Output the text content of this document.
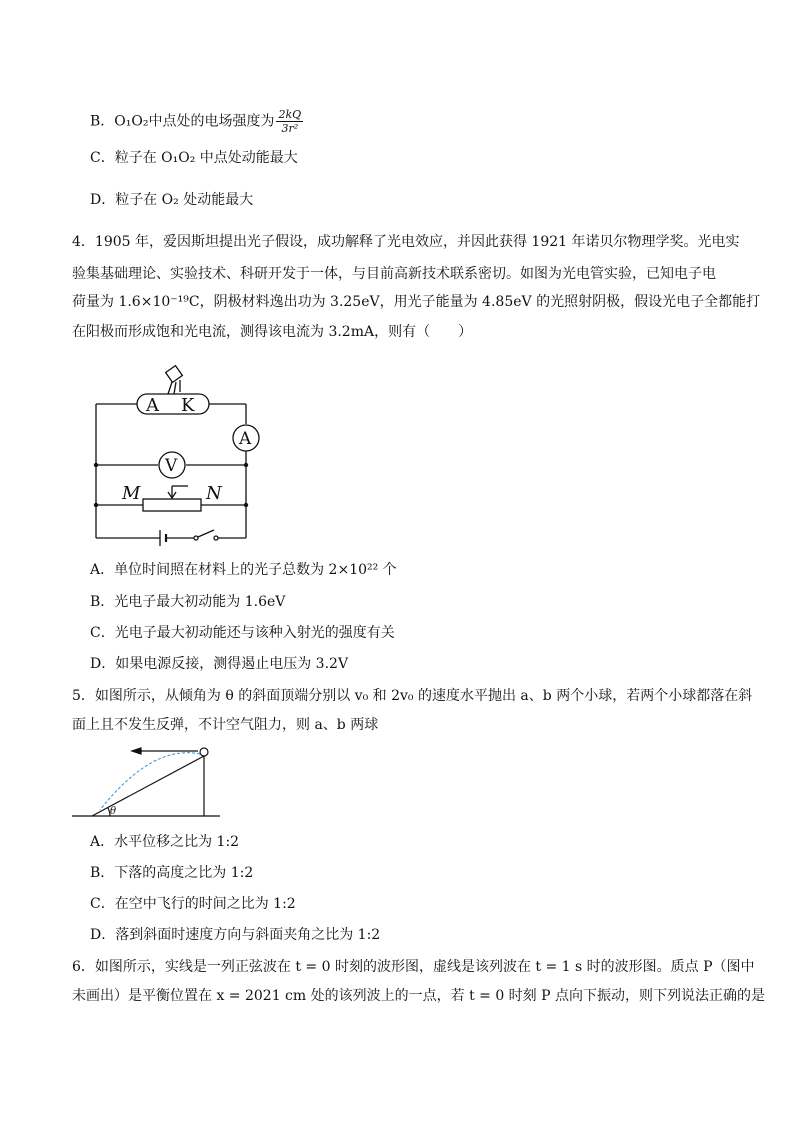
B．O₁O₂中点处的电场强度为 $\frac{2kQ}{\text{3r²}}$
C．粒子在 O₁O₂ 中点处动能最大
D．粒子在 O₂ 处动能最大
4．1905 年，爱因斯坦提出光子假设，成功解释了光电效应，并因此获得 1921 年诺贝尔物理学奖。光电实
验集基础理论、实验技术、科研开发于一体，与目前高新技术联系密切。如图为光电管实验，已知电子电
荷量为 1.6×10⁻¹⁹C，阴极材料逸出功为 3.25eV，用光子能量为 4.85eV 的光照射阴极，假设光电子全都能打
在阳极而形成饱和光电流，测得该电流为 3.2mA，则有（　　）
A K
A
V
M	N
A．单位时间照在材料上的光子总数为 2×10²² 个
B．光电子最大初动能为 1.6eV
C．光电子最大初动能还与该种入射光的强度有关
D．如果电源反接，测得遏止电压为 3.2V
5．如图所示，从倾角为 θ 的斜面顶端分别以 v₀ 和 2v₀ 的速度水平抛出 a、b 两个小球，若两个小球都落在斜
面上且不发生反弹，不计空气阻力，则 a、b 两球
θ
A．水平位移之比为 1:2
B．下落的高度之比为 1:2
C．在空中飞行的时间之比为 1:2
D．落到斜面时速度方向与斜面夹角之比为 1:2
6．如图所示，实线是一列正弦波在 t = 0 时刻的波形图，虚线是该列波在 t = 1 s 时的波形图。质点 P（图中
未画出）是平衡位置在 x = 2021 cm 处的该列波上的一点，若 t = 0 时刻 P 点向下振动，则下列说法正确的是
